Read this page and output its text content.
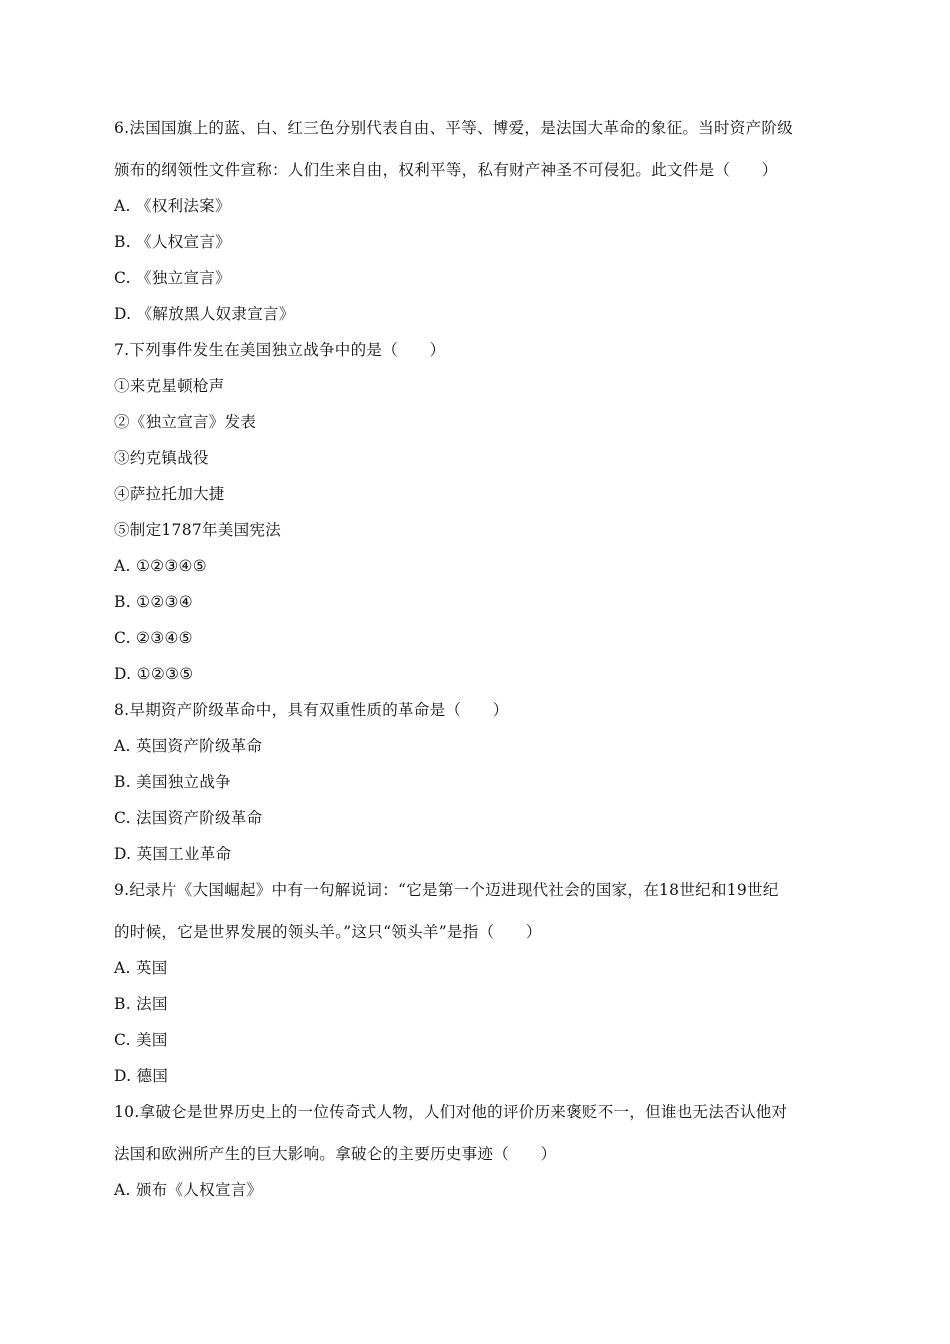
6.法国国旗上的蓝、白、红三色分别代表自由、平等、博爱，是法国大革命的象征。当时资产阶级
颁布的纲领性文件宣称：人们生来自由，权利平等，私有财产神圣不可侵犯。此文件是（　　）
A. 《权利法案》
B. 《人权宣言》
C. 《独立宣言》
D. 《解放黑人奴隶宣言》
7.下列事件发生在美国独立战争中的是（　　）
①来克星顿枪声
②《独立宣言》发表
③约克镇战役
④萨拉托加大捷
⑤制定1787年美国宪法
A. ①②③④⑤
B. ①②③④
C. ②③④⑤
D. ①②③⑤
8.早期资产阶级革命中，具有双重性质的革命是（　　）
A. 英国资产阶级革命
B. 美国独立战争
C. 法国资产阶级革命
D. 英国工业革命
9.纪录片《大国崛起》中有一句解说词：“它是第一个迈进现代社会的国家，在18世纪和19世纪
的时候，它是世界发展的领头羊。”这只“领头羊”是指（　　）
A. 英国
B. 法国
C. 美国
D. 德国
10.拿破仑是世界历史上的一位传奇式人物，人们对他的评价历来褒贬不一，但谁也无法否认他对
法国和欧洲所产生的巨大影响。拿破仑的主要历史事迹（　　）
A. 颁布《人权宣言》
